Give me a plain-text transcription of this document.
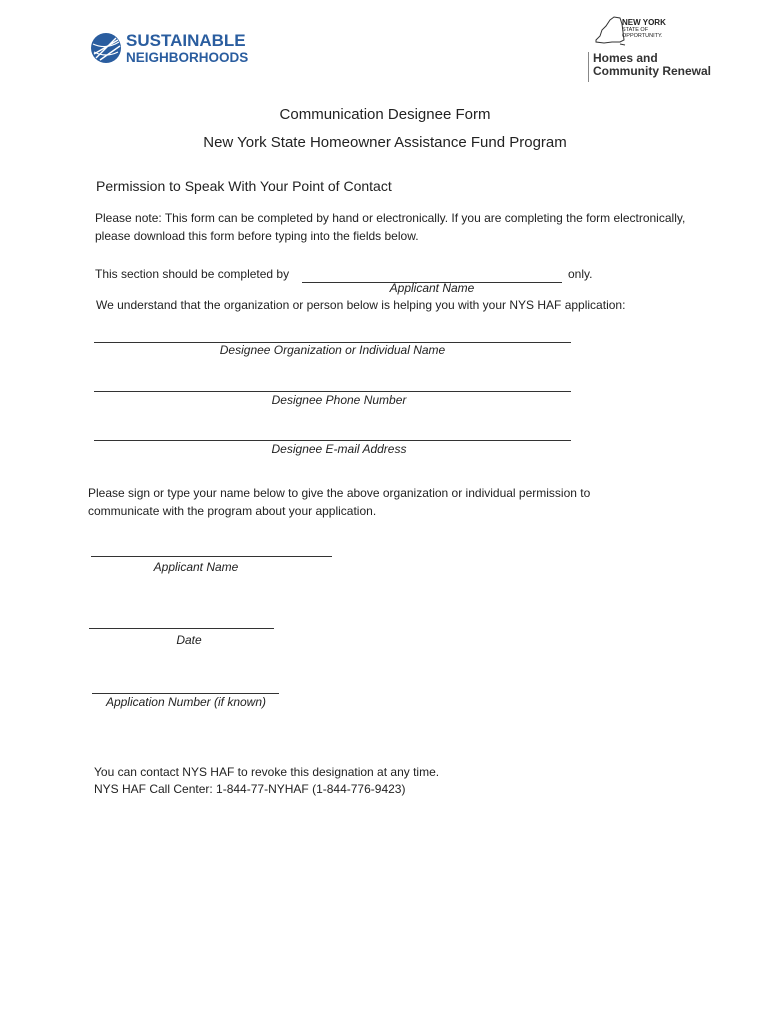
SUSTAINABLE
NEIGHBORHOODS
NEW YORK
STATE OF
OPPORTUNITY.
Homes and
Community Renewal
Communication Designee Form
New York State Homeowner Assistance Fund Program
Permission to Speak With Your Point of Contact
Please note: This form can be completed by hand or electronically. If you are completing the form electronically,
please download this form before typing into the fields below.
This section should be completed by	only.
Applicant Name
We understand that the organization or person below is helping you with your NYS HAF application:
Designee Organization or Individual Name
Designee Phone Number
Designee E-mail Address
Please sign or type your name below to give the above organization or individual permission to
communicate with the program about your application.
Applicant Name
Date
Application Number (if known)
You can contact NYS HAF to revoke this designation at any time.
NYS HAF Call Center: 1-844-77-NYHAF (1-844-776-9423)
